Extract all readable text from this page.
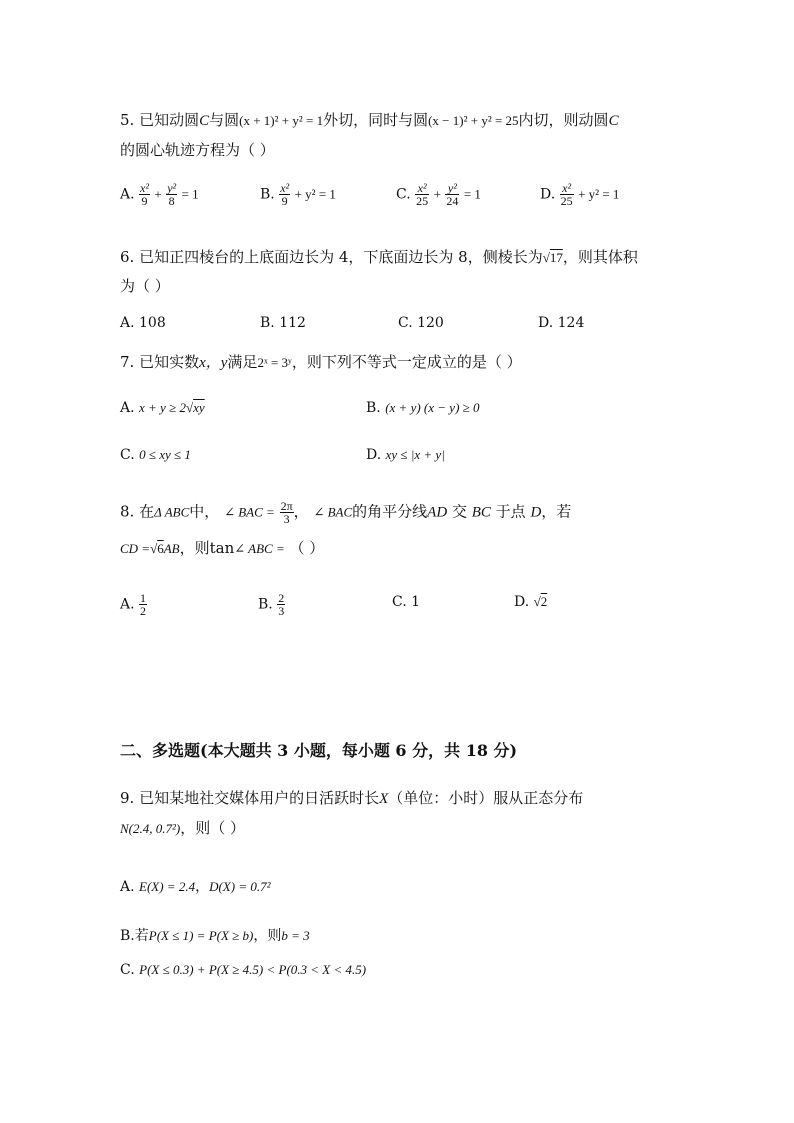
5. 已知动圆C与圆(x + 1)² + y² = 1外切，同时与圆(x − 1)² + y² = 25内切，则动圆C
的圆心轨迹方程为（ ）
A. $\frac{\text{x²}}{9} + \frac{\text{y²}}{8} = 1$	B. $\frac{\text{x²}}{9} + y^2 = 1$	C. $\frac{\text{x²}}{25} + \frac{\text{y²}}{24} = 1$	D. $\frac{\text{x²}}{25} + y^2 = 1$
6. 已知正四棱台的上底面边长为 4，下底面边长为 8，侧棱长为√17，则其体积
为（ ）
A. 108	B. 112	C. 120	D. 124
7. 已知实数x，y满足2ˣ = 3ʸ，则下列不等式一定成立的是（ ）
A. x + y ≥ 2√xy	B. (x + y) (x − y) ≥ 0
C. 0 ≤ xy ≤ 1	D. xy ≤ |x + y|
8. 在Δ ABC中， ∠ BAC = $\frac{2\pi}{3}$ ， ∠ BAC的角平分线AD 交 BC 于点 D，若
CD =√6AB，则tan∠ ABC = （ ）
A. $\frac{1}{2}$	B. $\frac{2}{3}$	C. 1	D. √2
二、多选题(本大题共 3 小题，每小题 6 分，共 18 分)
9. 已知某地社交媒体用户的日活跃时长X（单位：小时）服从正态分布
N(2.4, 0.7²)，则（ ）
A. E(X) = 2.4，D(X) = 0.7²
B.若P(X ≤ 1) = P(X ≥ b)，则b = 3
C. P(X ≤ 0.3) + P(X ≥ 4.5) < P(0.3 < X < 4.5)
